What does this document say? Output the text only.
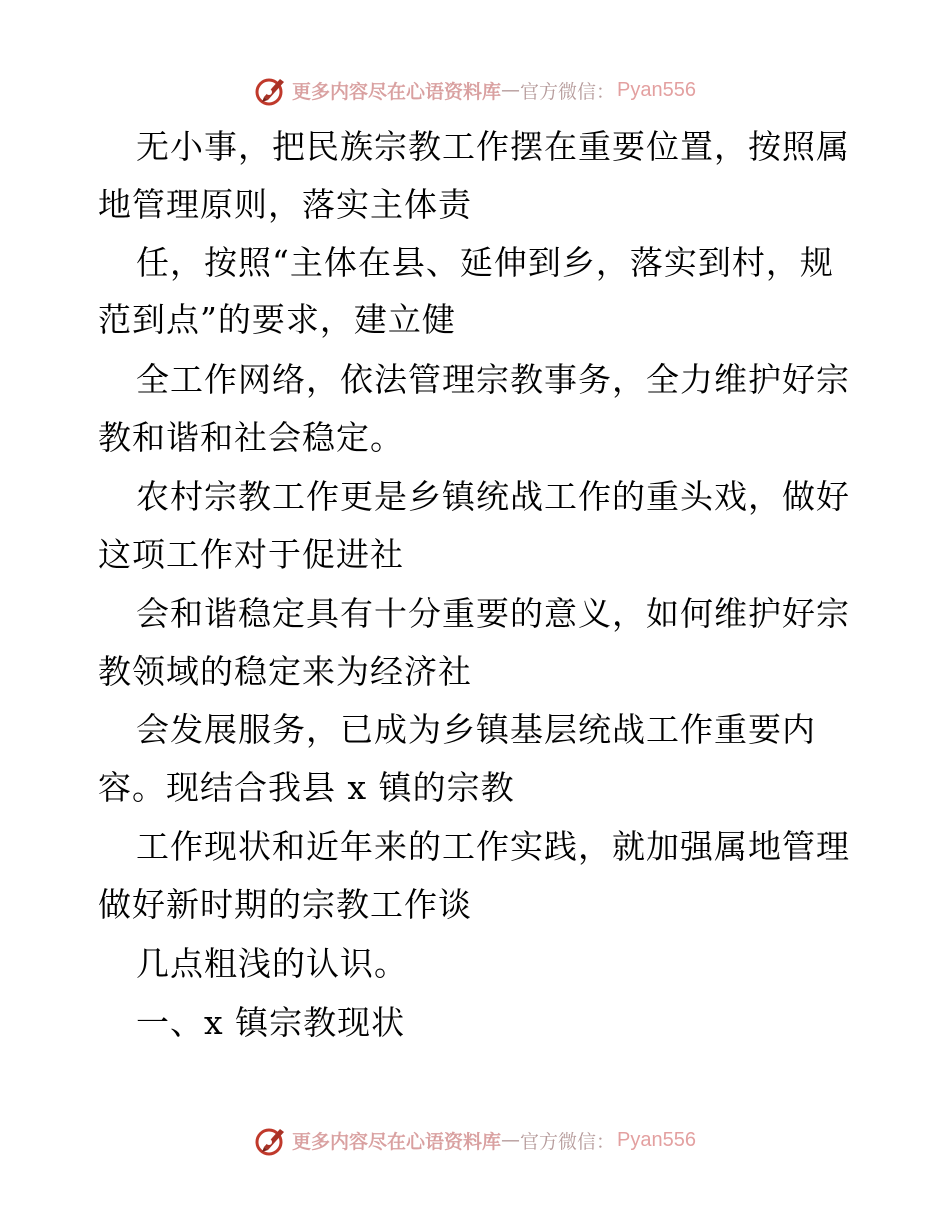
更多内容尽在心语资料库 — 官方微信： Pyan556
无小事，把民族宗教工作摆在重要位置，按照属
地管理原则，落实主体责
任，按照“主体在县、延伸到乡，落实到村，规
范到点”的要求，建立健
全工作网络，依法管理宗教事务，全力维护好宗
教和谐和社会稳定。
农村宗教工作更是乡镇统战工作的重头戏，做好
这项工作对于促进社
会和谐稳定具有十分重要的意义，如何维护好宗
教领域的稳定来为经济社
会发展服务，已成为乡镇基层统战工作重要内
容。现结合我县 x 镇的宗教
工作现状和近年来的工作实践，就加强属地管理
做好新时期的宗教工作谈
几点粗浅的认识。
一、x 镇宗教现状
更多内容尽在心语资料库 — 官方微信： Pyan556
